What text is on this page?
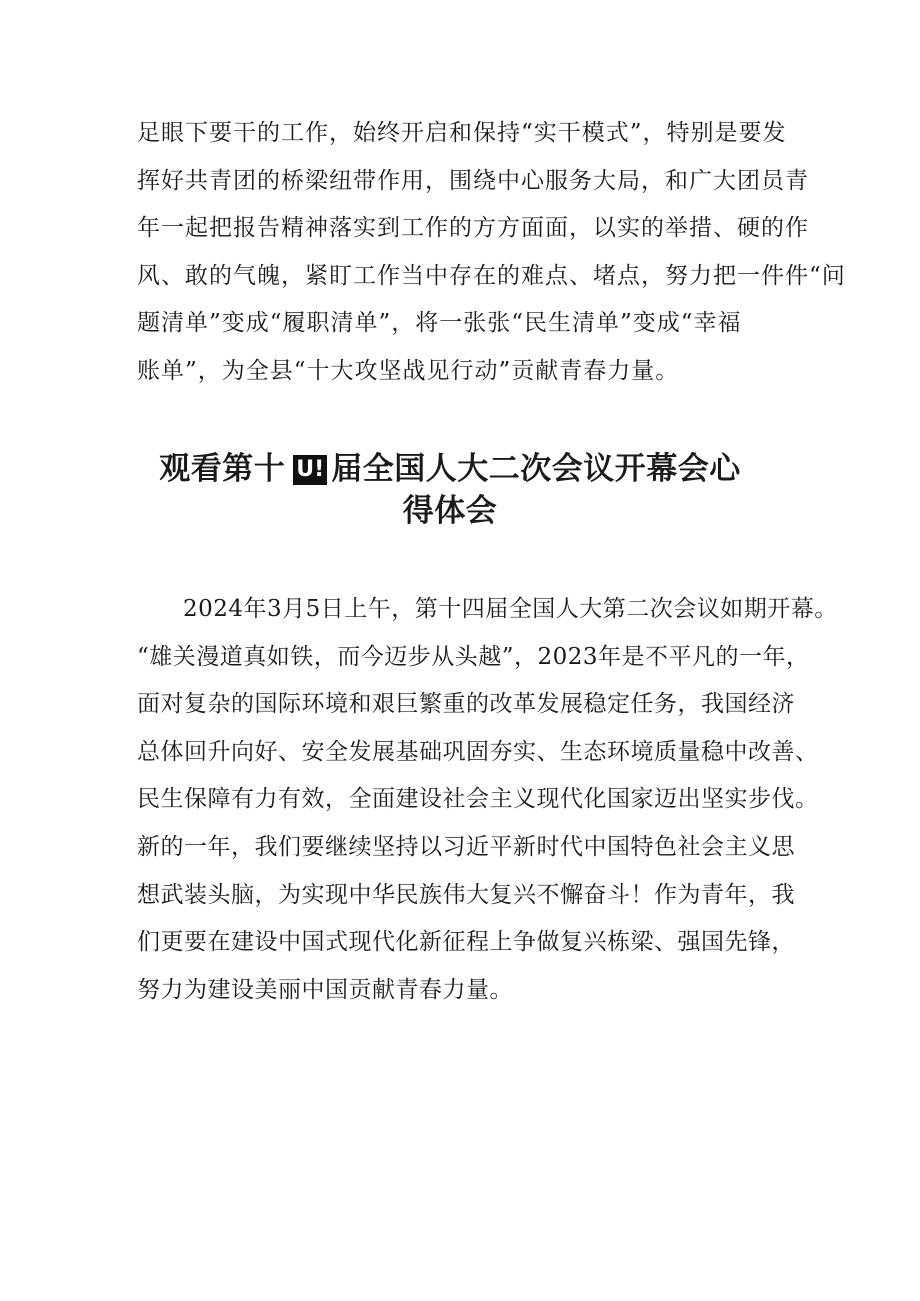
足眼下要干的工作，始终开启和保持“实干模式”，特别是要发
挥好共青团的桥梁纽带作用，围绕中心服务大局，和广大团员青
年一起把报告精神落实到工作的方方面面，以实的举措、硬的作
风、敢的气魄，紧盯工作当中存在的难点、堵点，努力把一件件“问
题清单”变成“履职清单”，将一张张“民生清单”变成“幸福
账单”，为全县“十大攻坚战见行动”贡献青春力量。
观看第十 U! 届全国人大二次会议开幕会心
得体会
2024年3月5日上午，第十四届全国人大第二次会议如期开幕。
“雄关漫道真如铁，而今迈步从头越”，2023年是不平凡的一年，
面对复杂的国际环境和艰巨繁重的改革发展稳定任务，我国经济
总体回升向好、安全发展基础巩固夯实、生态环境质量稳中改善、
民生保障有力有效，全面建设社会主义现代化国家迈出坚实步伐。
新的一年，我们要继续坚持以习近平新时代中国特色社会主义思
想武装头脑，为实现中华民族伟大复兴不懈奋斗！作为青年，我
们更要在建设中国式现代化新征程上争做复兴栋梁、强国先锋，
努力为建设美丽中国贡献青春力量。
